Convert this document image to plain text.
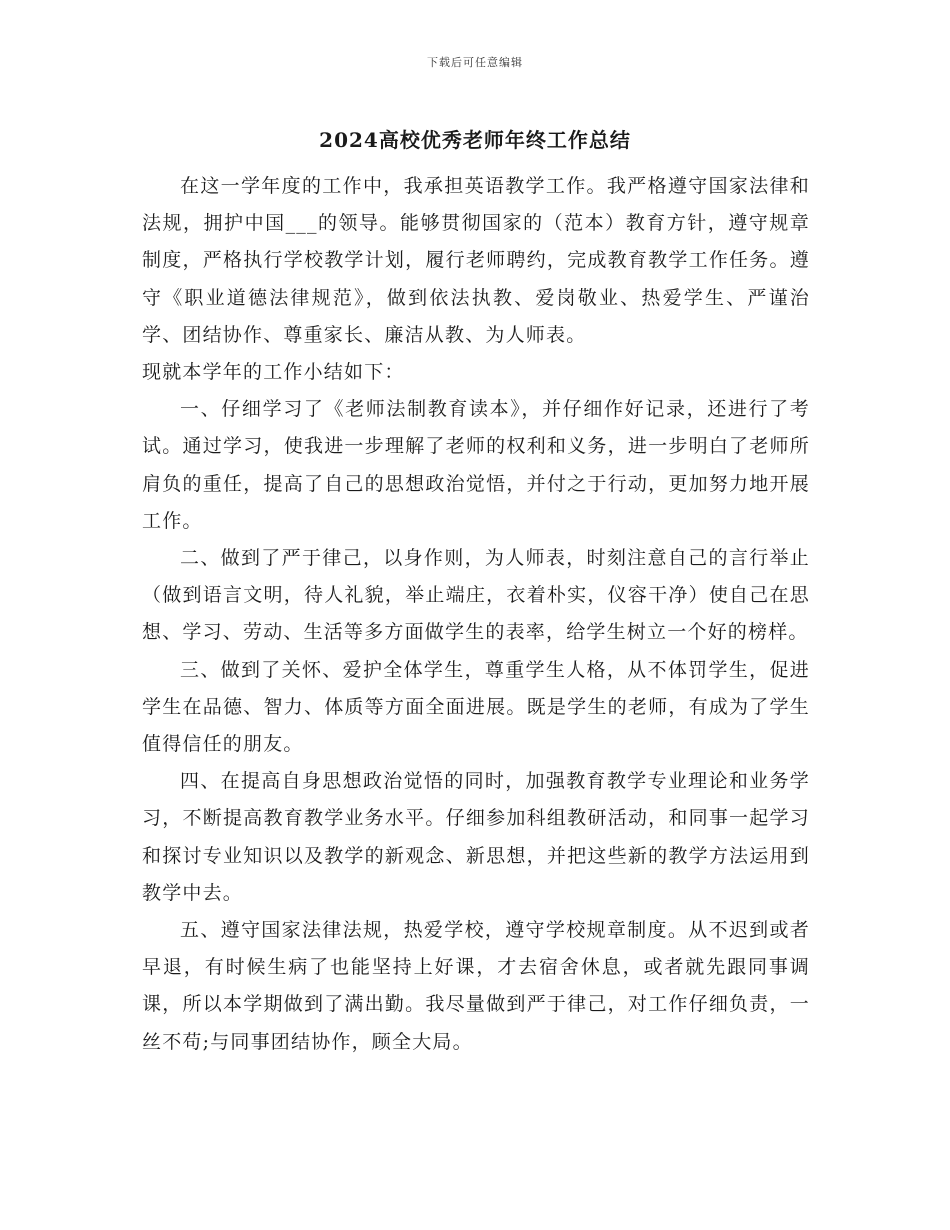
下载后可任意编辑
2024高校优秀老师年终工作总结

在这一学年度的工作中，我承担英语教学工作。我严格遵守国家法律和法规，拥护中国___的领导。能够贯彻国家的（范本）教育方针，遵守规章制度，严格执行学校教学计划，履行老师聘约，完成教育教学工作任务。遵守《职业道德法律规范》，做到依法执教、爱岗敬业、热爱学生、严谨治学、团结协作、尊重家长、廉洁从教、为人师表。

现就本学年的工作小结如下：

一、仔细学习了《老师法制教育读本》，并仔细作好记录，还进行了考试。通过学习，使我进一步理解了老师的权利和义务，进一步明白了老师所肩负的重任，提高了自己的思想政治觉悟，并付之于行动，更加努力地开展工作。

二、做到了严于律己，以身作则，为人师表，时刻注意自己的言行举止（做到语言文明，待人礼貌，举止端庄，衣着朴实，仪容干净）使自己在思想、学习、劳动、生活等多方面做学生的表率，给学生树立一个好的榜样。

三、做到了关怀、爱护全体学生，尊重学生人格，从不体罚学生，促进学生在品德、智力、体质等方面全面进展。既是学生的老师，有成为了学生值得信任的朋友。

四、在提高自身思想政治觉悟的同时，加强教育教学专业理论和业务学习，不断提高教育教学业务水平。仔细参加科组教研活动，和同事一起学习和探讨专业知识以及教学的新观念、新思想，并把这些新的教学方法运用到教学中去。

五、遵守国家法律法规，热爱学校，遵守学校规章制度。从不迟到或者早退，有时候生病了也能坚持上好课，才去宿舍休息，或者就先跟同事调课，所以本学期做到了满出勤。我尽量做到严于律己，对工作仔细负责，一丝不苟;与同事团结协作，顾全大局。
